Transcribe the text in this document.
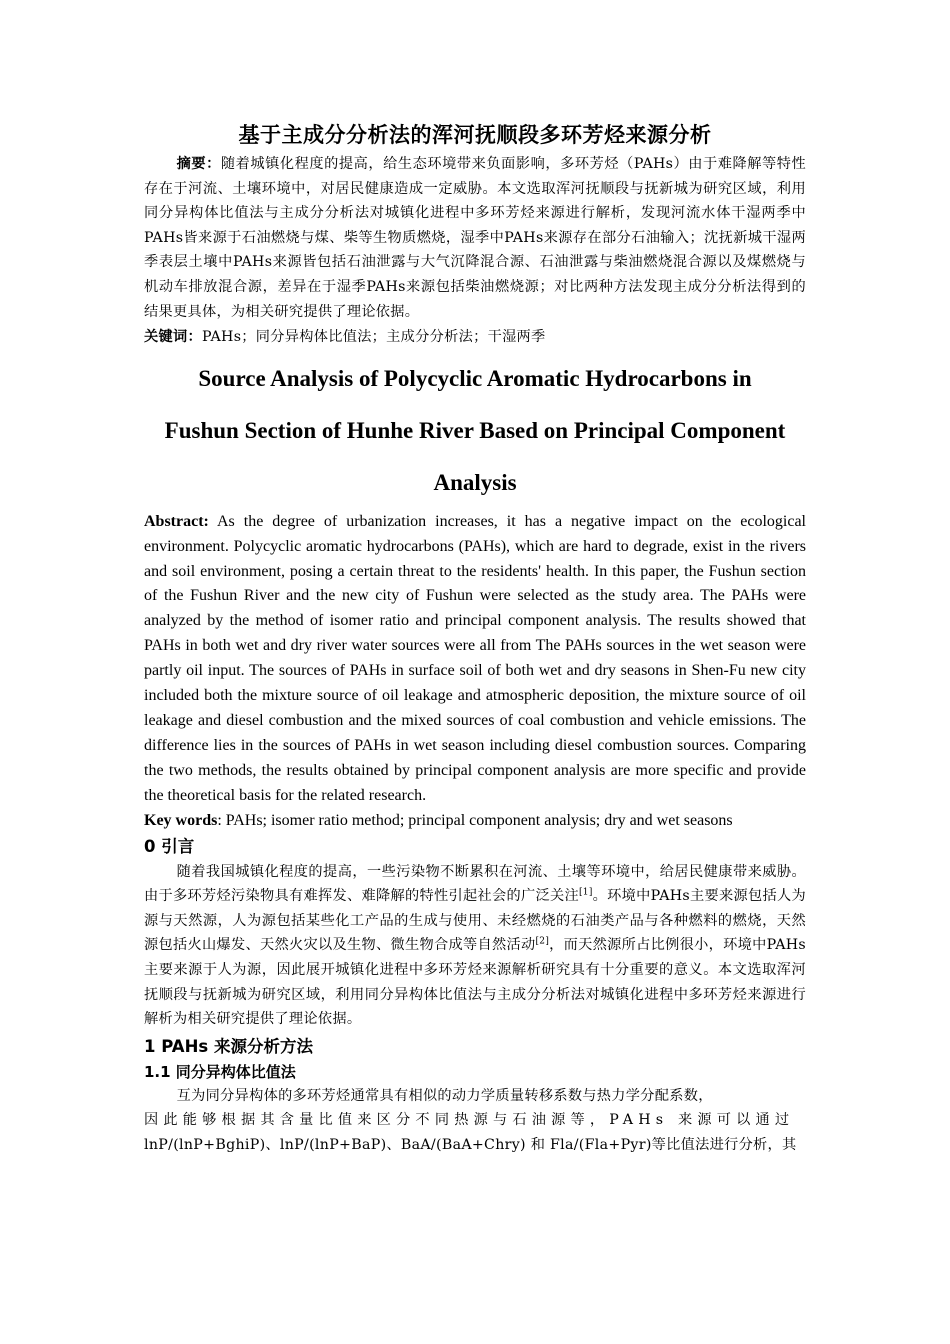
基于主成分分析法的浑河抚顺段多环芳烃来源分析

摘要：随着城镇化程度的提高，给生态环境带来负面影响，多环芳烃（PAHs）由于难降解等特性存在于河流、土壤环境中，对居民健康造成一定威胁。本文选取浑河抚顺段与抚新城为研究区域，利用同分异构体比值法与主成分分析法对城镇化进程中多环芳烃来源进行解析，发现河流水体干湿两季中PAHs皆来源于石油燃烧与煤、柴等生物质燃烧，湿季中PAHs来源存在部分石油输入；沈抚新城干湿两季表层土壤中PAHs来源皆包括石油泄露与大气沉降混合源、石油泄露与柴油燃烧混合源以及煤燃烧与机动车排放混合源，差异在于湿季PAHs来源包括柴油燃烧源；对比两种方法发现主成分分析法得到的结果更具体，为相关研究提供了理论依据。

关键词：PAHs；同分异构体比值法；主成分分析法；干湿两季

Source Analysis of Polycyclic Aromatic Hydrocarbons in
Fushun Section of Hunhe River Based on Principal Component
Analysis

Abstract: As the degree of urbanization increases, it has a negative impact on the ecological environment. Polycyclic aromatic hydrocarbons (PAHs), which are hard to degrade, exist in the rivers and soil environment, posing a certain threat to the residents' health. In this paper, the Fushun section of the Fushun River and the new city of Fushun were selected as the study area. The PAHs were analyzed by the method of isomer ratio and principal component analysis. The results showed that PAHs in both wet and dry river water sources were all from The PAHs sources in the wet season were partly oil input. The sources of PAHs in surface soil of both wet and dry seasons in Shen-Fu new city included both the mixture source of oil leakage and atmospheric deposition, the mixture source of oil leakage and diesel combustion and the mixed sources of coal combustion and vehicle emissions. The difference lies in the sources of PAHs in wet season including diesel combustion sources. Comparing the two methods, the results obtained by principal component analysis are more specific and provide the theoretical basis for the related research.

Key words: PAHs; isomer ratio method; principal component analysis; dry and wet seasons

0 引言

随着我国城镇化程度的提高，一些污染物不断累积在河流、土壤等环境中，给居民健康带来威胁。由于多环芳烃污染物具有难挥发、难降解的特性引起社会的广泛关注[1]。环境中PAHs主要来源包括人为源与天然源，人为源包括某些化工产品的生成与使用、未经燃烧的石油类产品与各种燃料的燃烧，天然源包括火山爆发、天然火灾以及生物、微生物合成等自然活动[2]，而天然源所占比例很小，环境中PAHs主要来源于人为源，因此展开城镇化进程中多环芳烃来源解析研究具有十分重要的意义。本文选取浑河抚顺段与抚新城为研究区域，利用同分异构体比值法与主成分分析法对城镇化进程中多环芳烃来源进行解析为相关研究提供了理论依据。

1 PAHs 来源分析方法
1.1 同分异构体比值法

互为同分异构体的多环芳烃通常具有相似的动力学质量转移系数与热力学分配系数，
因此能够根据其含量比值来区分不同热源与石油源等，PAHs 来源可以通过
lnP/(lnP+BghiP)、lnP/(lnP+BaP)、BaA/(BaA+Chry) 和 Fla/(Fla+Pyr)等比值法进行分析，其
